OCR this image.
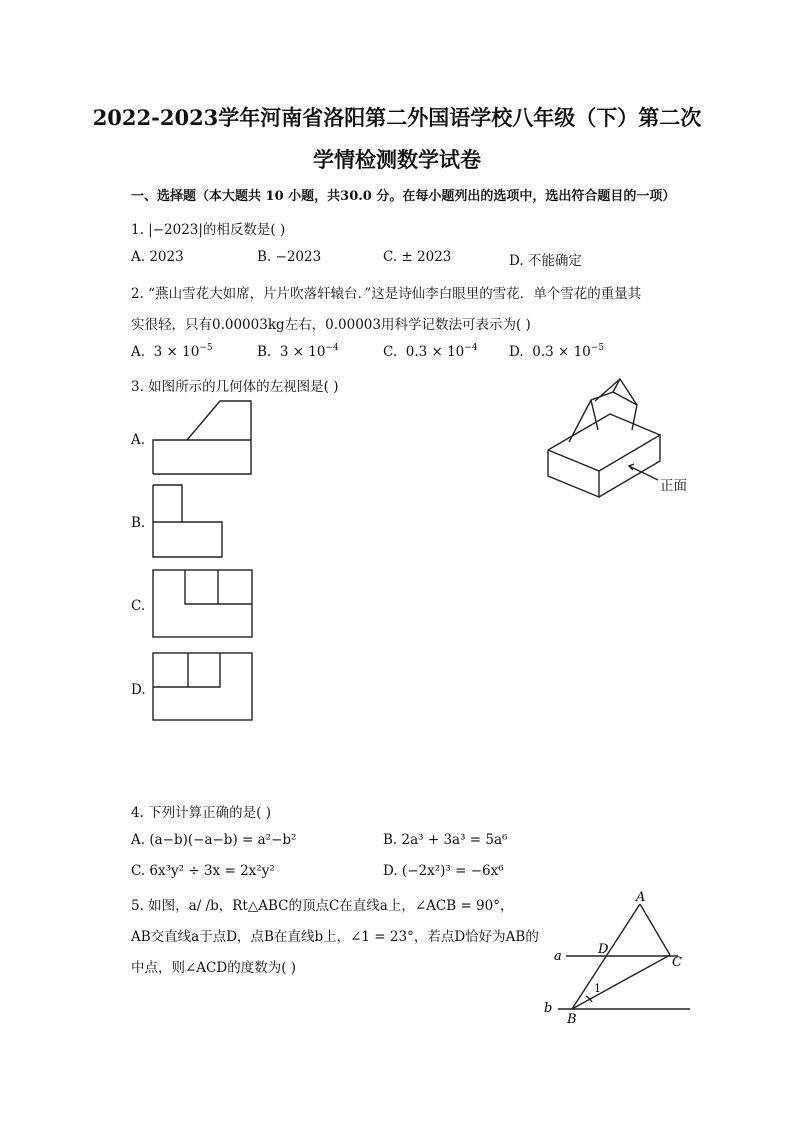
2022-2023学年河南省洛阳第二外国语学校八年级（下）第二次
学情检测数学试卷
一、选择题（本大题共 10 小题，共30.0 分。在每小题列出的选项中，选出符合题目的一项）
1. |−2023|的相反数是( )
A. 2023	B. −2023	C. ± 2023	D. 不能确定
2. “燕山雪花大如席，片片吹落轩辕台．”这是诗仙李白眼里的雪花．单个雪花的重量其
实很轻，只有0.00003kg左右，0.00003用科学记数法可表示为( )
A. $3 \times 10^{-5}$	B. $3 \times 10^{-4}$	C. $0.3 \times 10^{-4}$ D. $0.3 \times 10^{-5}$
3. 如图所示的几何体的左视图是( )
A.
B.
C.
D.
正面
4. 下列计算正确的是( )
A. (a−b)(−a−b) = a²−b²	B. 2a³ + 3a³ = 5a⁶
C. 6x³y² ÷ 3x = 2x²y²	D. (−2x²)³ = −6x⁶
5. 如图，a/ /b，Rt△ABC的顶点C在直线a上，∠ACB = 90°，
AB交直线a于点D，点B在直线b上，∠1 = 23°，若点D恰好为AB的
中点，则∠ACD的度数为( )
A
B
C
D
a
b
1
